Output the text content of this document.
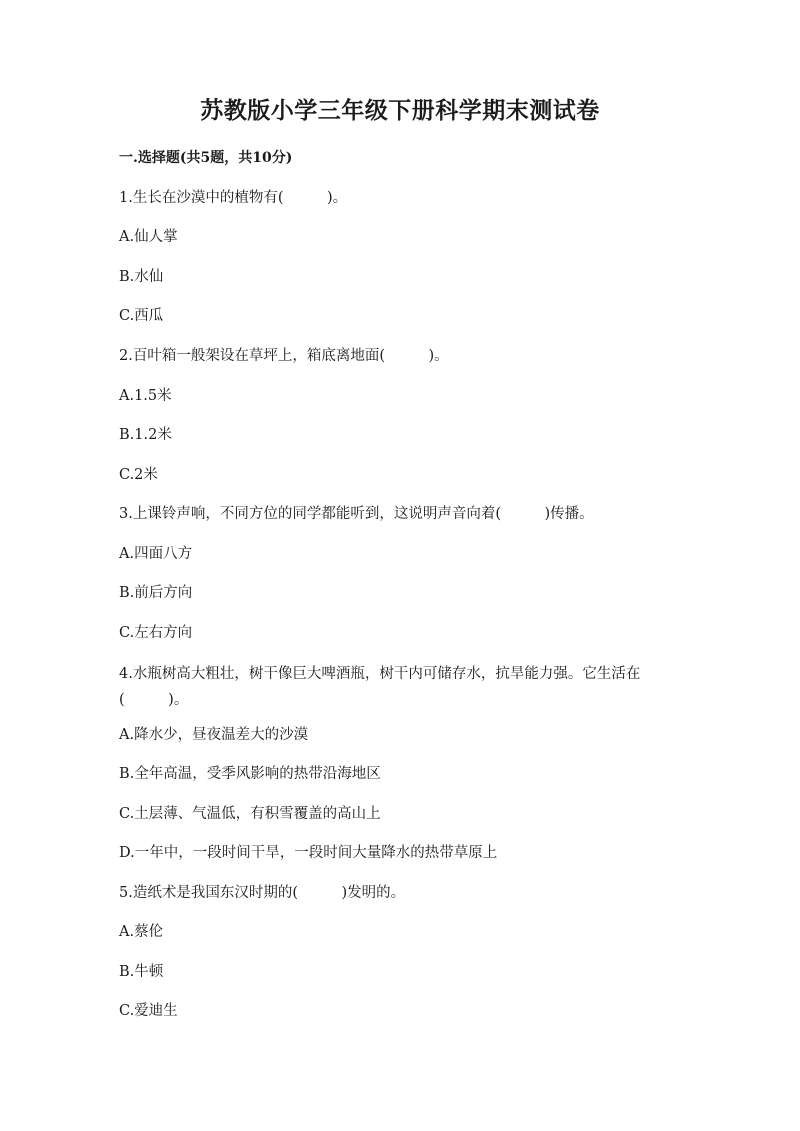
苏教版小学三年级下册科学期末测试卷
一.选择题(共5题，共10分)
1.生长在沙漠中的植物有(　　　)。
A.仙人掌
B.水仙
C.西瓜
2.百叶箱一般架设在草坪上，箱底离地面(　　　)。
A.1.5米
B.1.2米
C.2米
3.上课铃声响，不同方位的同学都能听到，这说明声音向着(　　　)传播。
A.四面八方
B.前后方向
C.左右方向
4.水瓶树高大粗壮，树干像巨大啤酒瓶，树干内可储存水，抗旱能力强。它生活在(　　　)。
A.降水少，昼夜温差大的沙漠
B.全年高温，受季风影响的热带沿海地区
C.土层薄、气温低，有积雪覆盖的高山上
D.一年中，一段时间干旱，一段时间大量降水的热带草原上
5.造纸术是我国东汉时期的(　　　)发明的。
A.蔡伦
B.牛顿
C.爱迪生
